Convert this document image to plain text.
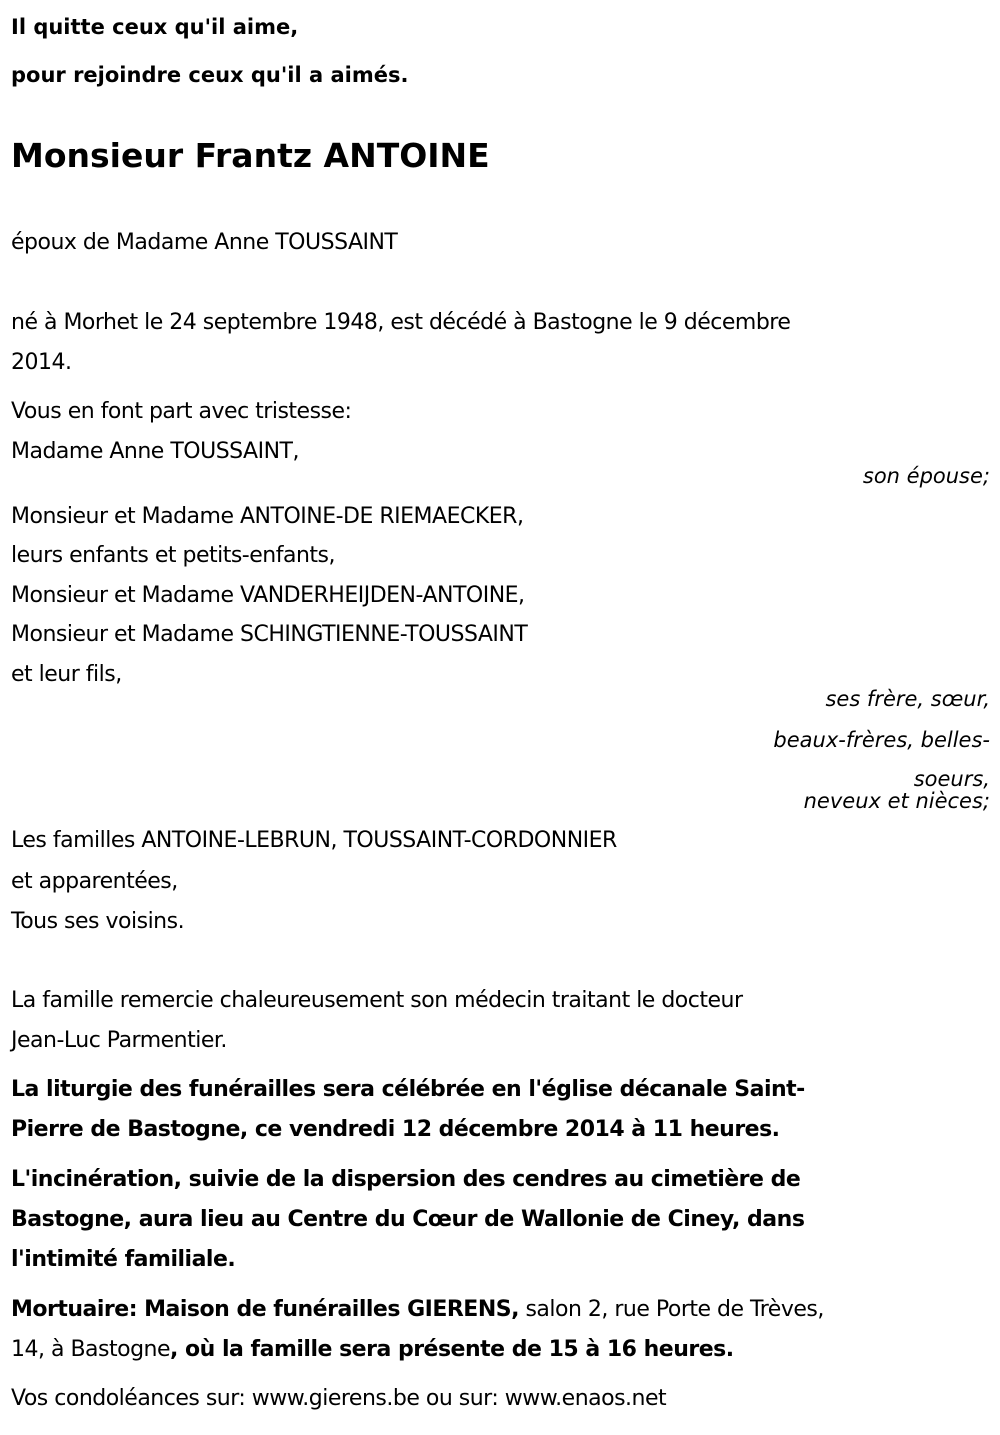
Il quitte ceux qu'il aime,
pour rejoindre ceux qu'il a aimés.
Monsieur Frantz ANTOINE
époux de Madame Anne TOUSSAINT
né à Morhet le 24 septembre 1948, est décédé à Bastogne le 9 décembre
2014.
Vous en font part avec tristesse:
Madame Anne TOUSSAINT,
son épouse;
Monsieur et Madame ANTOINE-DE RIEMAECKER,
leurs enfants et petits-enfants,
Monsieur et Madame VANDERHEIJDEN-ANTOINE,
Monsieur et Madame SCHINGTIENNE-TOUSSAINT
et leur fils,
ses frère, sœur,
beaux-frères, belles-
soeurs,
neveux et nièces;
Les familles ANTOINE-LEBRUN, TOUSSAINT-CORDONNIER
et apparentées,
Tous ses voisins.
La famille remercie chaleureusement son médecin traitant le docteur
Jean-Luc Parmentier.
La liturgie des funérailles sera célébrée en l'église décanale Saint-
Pierre de Bastogne, ce vendredi 12 décembre 2014 à 11 heures.
L'incinération, suivie de la dispersion des cendres au cimetière de
Bastogne, aura lieu au Centre du Cœur de Wallonie de Ciney, dans
l'intimité familiale.
Mortuaire: Maison de funérailles GIERENS, salon 2, rue Porte de Trèves,
14, à Bastogne, où la famille sera présente de 15 à 16 heures.
Vos condoléances sur: www.gierens.be ou sur: www.enaos.net
